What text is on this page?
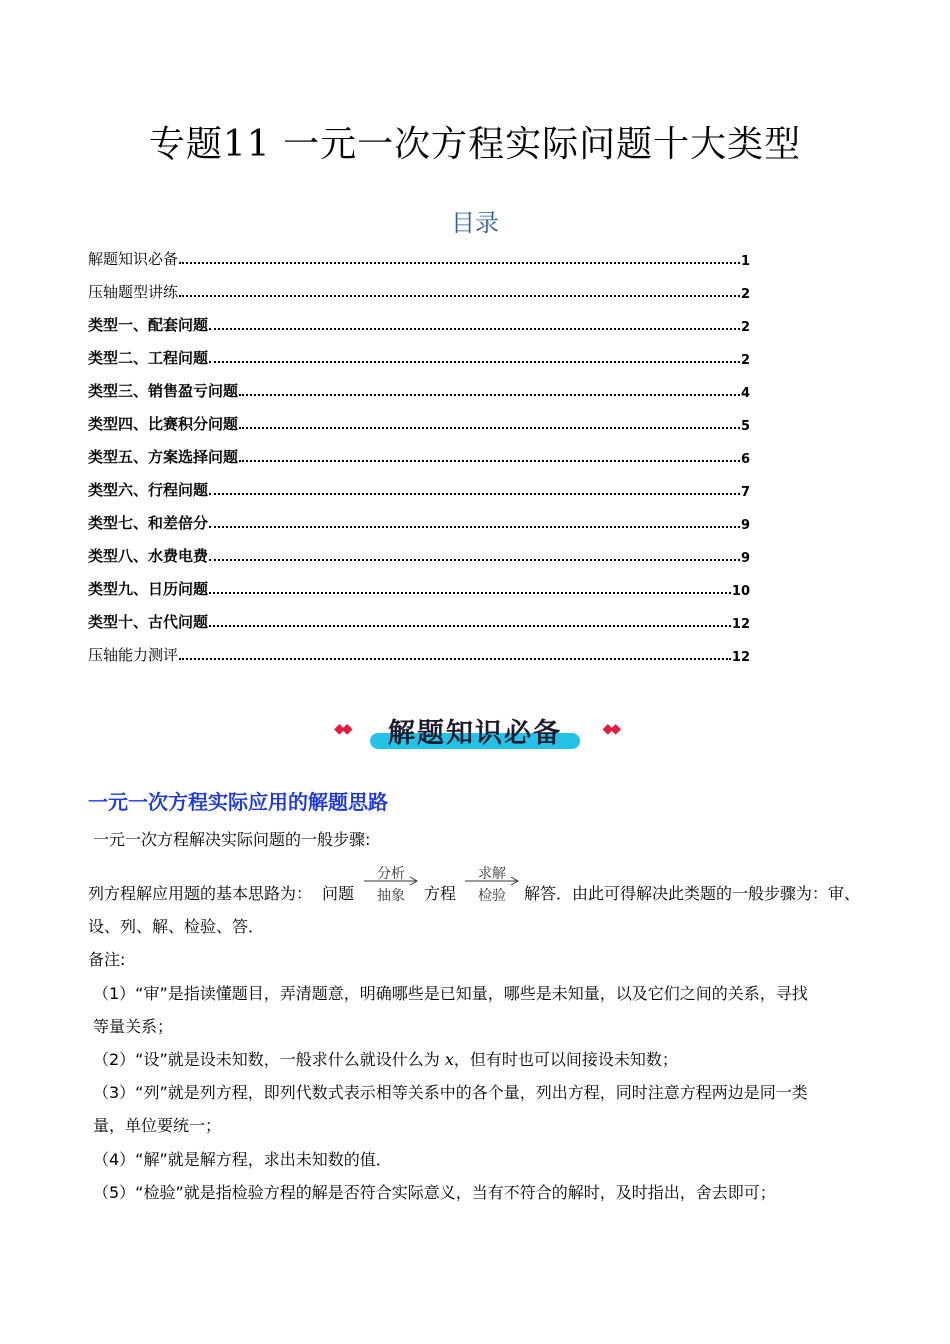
专题11 一元一次方程实际问题十大类型
目录
解题知识必备	1
压轴题型讲练	2
类型一、配套问题	2
类型二、工程问题	2
类型三、销售盈亏问题	4
类型四、比赛积分问题	5
类型五、方案选择问题	6
类型六、行程问题	7
类型七、和差倍分	9
类型八、水费电费	9
类型九、日历问题	10
类型十、古代问题	12
压轴能力测评	12
◆◆	解题知识必备	◆◆
一元一次方程实际应用的解题思路
一元一次方程解决实际问题的一般步骤:
列方程解应用题的基本思路为： 问题
分析
抽象	方程
求解
检验	解答．由此可得解决此类题的一般步骤为：审、
设、列、解、检验、答．
备注:
（1）“审”是指读懂题目，弄清题意，明确哪些是已知量，哪些是未知量，以及它们之间的关系，寻找
等量关系；
（2）“设”就是设未知数，一般求什么就设什么为 x，但有时也可以间接设未知数；
（3）“列”就是列方程，即列代数式表示相等关系中的各个量，列出方程，同时注意方程两边是同一类
量，单位要统一；
（4）“解”就是解方程，求出未知数的值．
（5）“检验”就是指检验方程的解是否符合实际意义，当有不符合的解时，及时指出，舍去即可；
